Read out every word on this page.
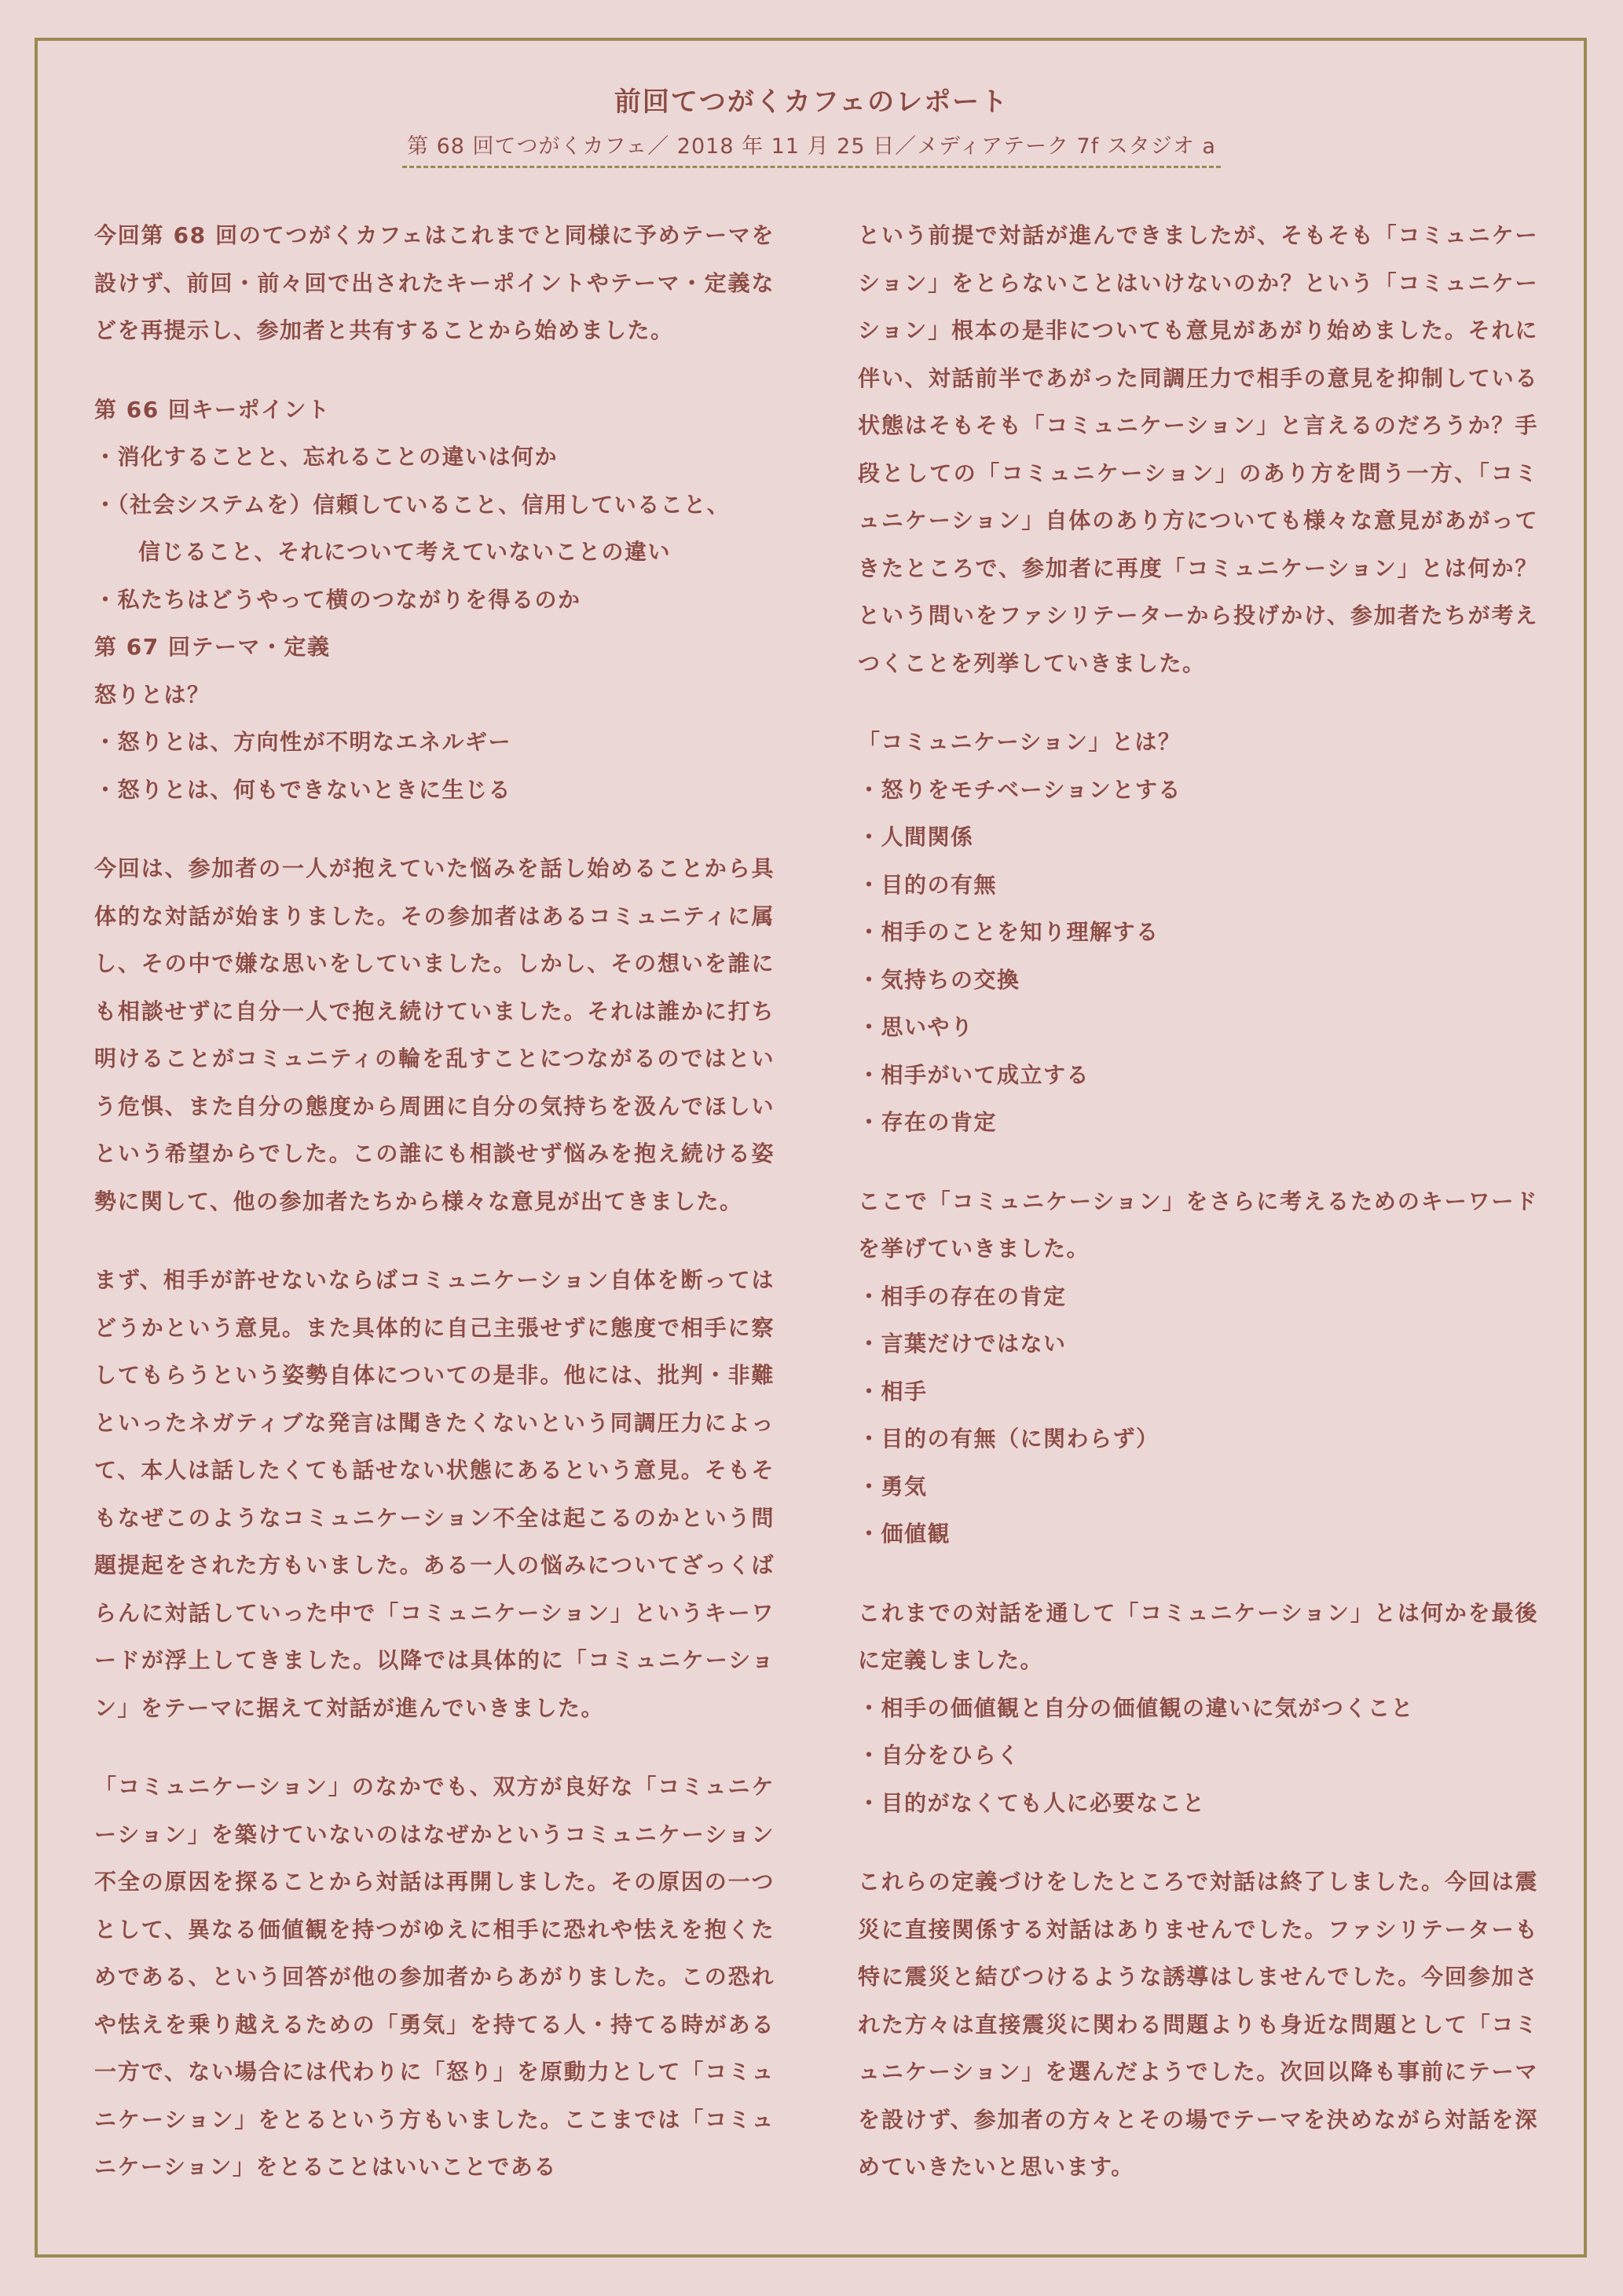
前回てつがくカフェのレポート
第 68 回てつがくカフェ／ 2018 年 11 月 25 日／メディアテーク 7f スタジオ a

今回第 68 回のてつがくカフェはこれまでと同様に予めテーマを設けず、前回・前々回で出されたキーポイントやテーマ・定義などを再提示し、参加者と共有することから始めました。

第 66 回キーポイント

・消化することと、忘れることの違いは何か

・（社会システムを）信頼していること、信用していること、

信じること、それについて考えていないことの違い

・私たちはどうやって横のつながりを得るのか

第 67 回テーマ・定義

怒りとは？

・怒りとは、方向性が不明なエネルギー

・怒りとは、何もできないときに生じる

今回は、参加者の一人が抱えていた悩みを話し始めることから具体的な対話が始まりました。その参加者はあるコミュニティに属し、その中で嫌な思いをしていました。しかし、その想いを誰にも相談せずに自分一人で抱え続けていました。それは誰かに打ち明けることがコミュニティの輪を乱すことにつながるのではという危惧、また自分の態度から周囲に自分の気持ちを汲んでほしいという希望からでした。この誰にも相談せず悩みを抱え続ける姿勢に関して、他の参加者たちから様々な意見が出てきました。

まず、相手が許せないならばコミュニケーション自体を断ってはどうかという意見。また具体的に自己主張せずに態度で相手に察してもらうという姿勢自体についての是非。他には、批判・非難といったネガティブな発言は聞きたくないという同調圧力によって、本人は話したくても話せない状態にあるという意見。そもそもなぜこのようなコミュニケーション不全は起こるのかという問題提起をされた方もいました。ある一人の悩みについてざっくばらんに対話していった中で「コミュニケーション」というキーワードが浮上してきました。以降では具体的に「コミュニケーション」をテーマに据えて対話が進んでいきました。

「コミュニケーション」のなかでも、双方が良好な「コミュニケーション」を築けていないのはなぜかというコミュニケーション不全の原因を探ることから対話は再開しました。その原因の一つとして、異なる価値観を持つがゆえに相手に恐れや怯えを抱くためである、という回答が他の参加者からあがりました。この恐れや怯えを乗り越えるための「勇気」を持てる人・持てる時がある一方で、ない場合には代わりに「怒り」を原動力として「コミュニケーション」をとるという方もいました。ここまでは「コミュニケーション」をとることはいいことである

という前提で対話が進んできましたが、そもそも「コミュニケーション」をとらないことはいけないのか？という「コミュニケーション」根本の是非についても意見があがり始めました。それに伴い、対話前半であがった同調圧力で相手の意見を抑制している状態はそもそも「コミュニケーション」と言えるのだろうか？手段としての「コミュニケーション」のあり方を問う一方、「コミュニケーション」自体のあり方についても様々な意見があがってきたところで、参加者に再度「コミュニケーション」とは何か？という問いをファシリテーターから投げかけ、参加者たちが考えつくことを列挙していきました。

「コミュニケーション」とは？

・怒りをモチベーションとする

・人間関係

・目的の有無

・相手のことを知り理解する

・気持ちの交換

・思いやり

・相手がいて成立する

・存在の肯定

ここで「コミュニケーション」をさらに考えるためのキーワードを挙げていきました。

・相手の存在の肯定

・言葉だけではない

・相手

・目的の有無（に関わらず）

・勇気

・価値観

これまでの対話を通して「コミュニケーション」とは何かを最後に定義しました。

・相手の価値観と自分の価値観の違いに気がつくこと

・自分をひらく

・目的がなくても人に必要なこと

これらの定義づけをしたところで対話は終了しました。今回は震災に直接関係する対話はありませんでした。ファシリテーターも特に震災と結びつけるような誘導はしませんでした。今回参加された方々は直接震災に関わる問題よりも身近な問題として「コミュニケーション」を選んだようでした。次回以降も事前にテーマを設けず、参加者の方々とその場でテーマを決めながら対話を深めていきたいと思います。
